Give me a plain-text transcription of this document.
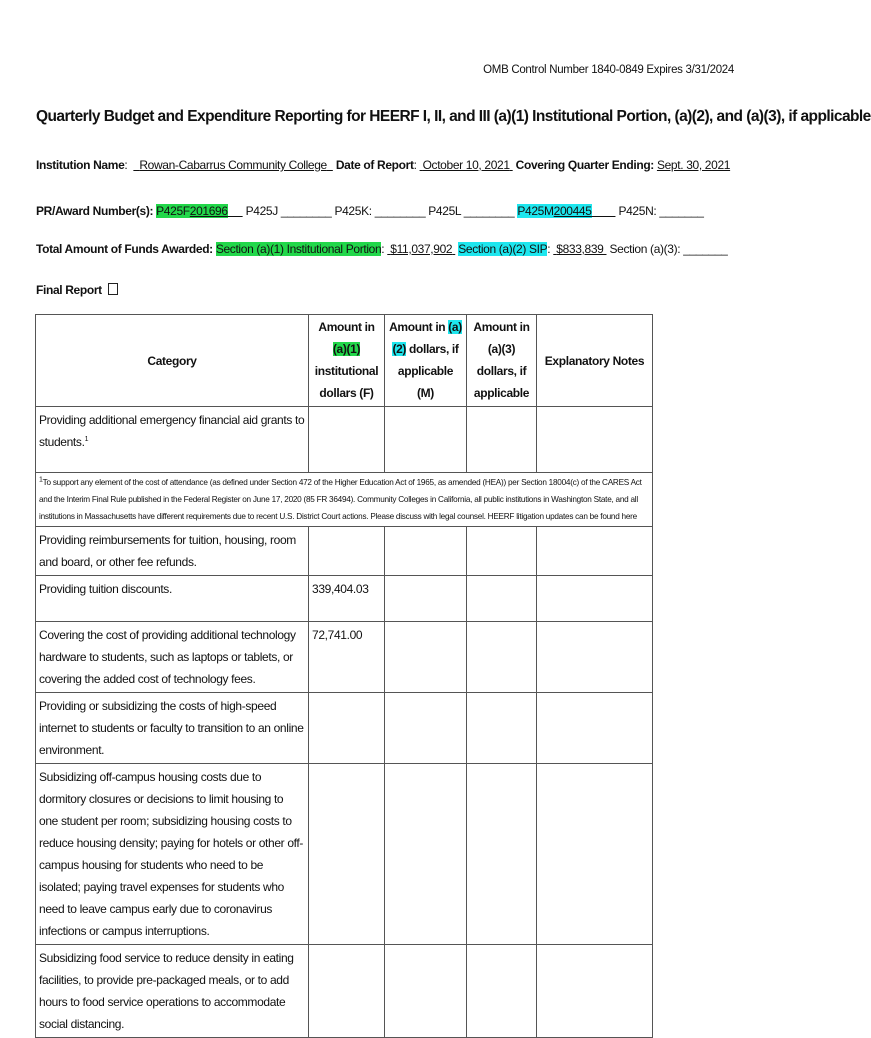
OMB Control Number 1840-0849 Expires 3/31/2024
Quarterly Budget and Expenditure Reporting for HEERF I, II, and III (a)(1) Institutional Portion, (a)(2), and (a)(3), if applicable
Institution Name:    Rowan-Cabarrus Community College Date of Report:  October 10, 2021 Covering Quarter Ending: Sept. 30, 2021
PR/Award Number(s): P425F201696 P425J ________ P425K: ________ P425L ________ P425M200445 P425N: _______
Total Amount of Funds Awarded: Section (a)(1) Institutional Portion:  $11,037,902 Section (a)(2) SIP:  $833,839 Section (a)(3): _______
Final Report
Category	Amount in (a)(1) institutional dollars (F)	Amount in (a)(2) dollars, if applicable (M)	Amount in (a)(3) dollars, if applicable	Explanatory Notes
Providing additional emergency financial aid grants to students.$^1$				
$^1$To support any element of the cost of attendance (as defined under Section 472 of the Higher Education Act of 1965, as amended (HEA)) per Section 18004(c) of the CARES Act and the Interim Final Rule published in the Federal Register on June 17, 2020 (85 FR 36494). Community Colleges in California, all public institutions in Washington State, and all institutions in Massachusetts have different requirements due to recent U.S. District Court actions. Please discuss with legal counsel. HEERF litigation updates can be found here				
Providing reimbursements for tuition, housing, room and board, or other fee refunds.				
Providing tuition discounts.	339,404.03			
Covering the cost of providing additional technology hardware to students, such as laptops or tablets, or covering the added cost of technology fees.	72,741.00			
Providing or subsidizing the costs of high-speed internet to students or faculty to transition to an online environment.				
Subsidizing off-campus housing costs due to dormitory closures or decisions to limit housing to one student per room; subsidizing housing costs to reduce housing density; paying for hotels or other off-campus housing for students who need to be isolated; paying travel expenses for students who need to leave campus early due to coronavirus infections or campus interruptions.				
Subsidizing food service to reduce density in eating facilities, to provide pre-packaged meals, or to add hours to food service operations to accommodate social distancing.				
